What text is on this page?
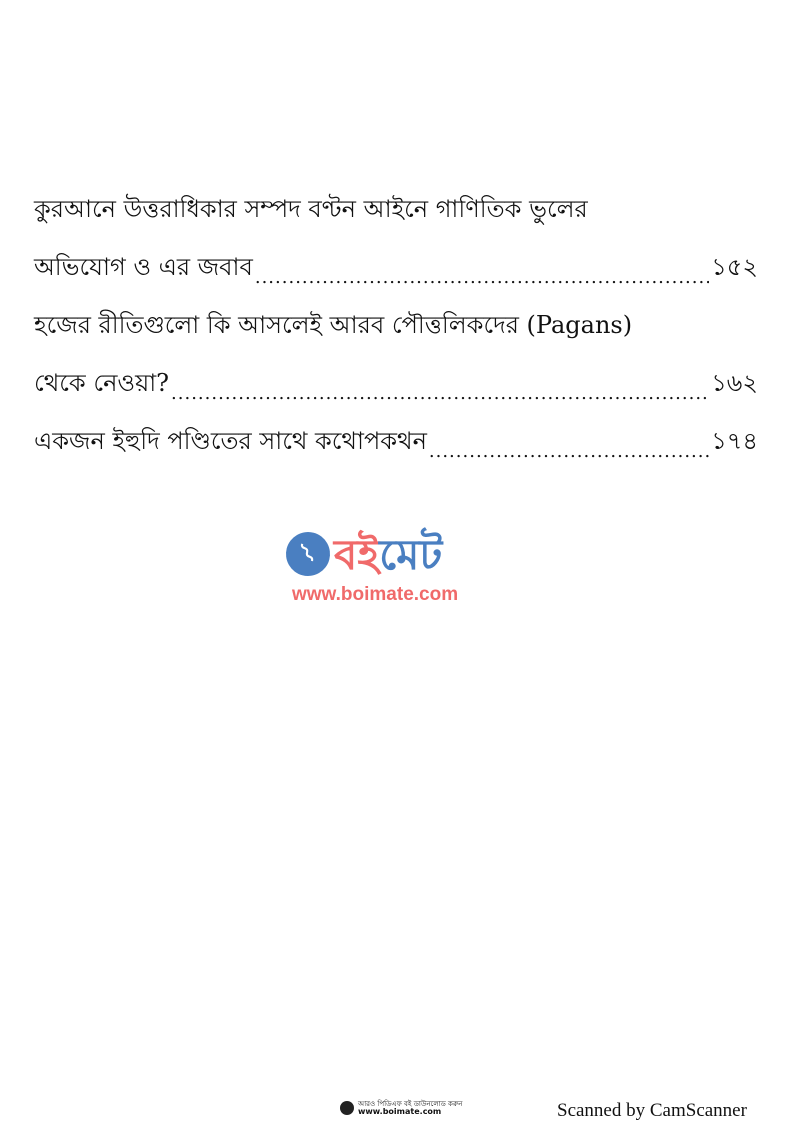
কুরআনে উত্তরাধিকার সম্পদ বণ্টন আইনে গাণিতিক ভুলের
অভিযোগ ও এর জবাব .....	১৫২
হজের রীতিগুলো কি আসলেই আরব পৌত্তলিকদের (Pagans)
থেকে নেওয়া? .....	১৬২
একজন ইহুদি পণ্ডিতের সাথে কথোপকথন .....	১৭৪
⌇ বইমেট
www.boimate.com
আরও পিডিএফ বই ডাউনলোড করুন
www.boimate.com	Scanned by CamScanner
